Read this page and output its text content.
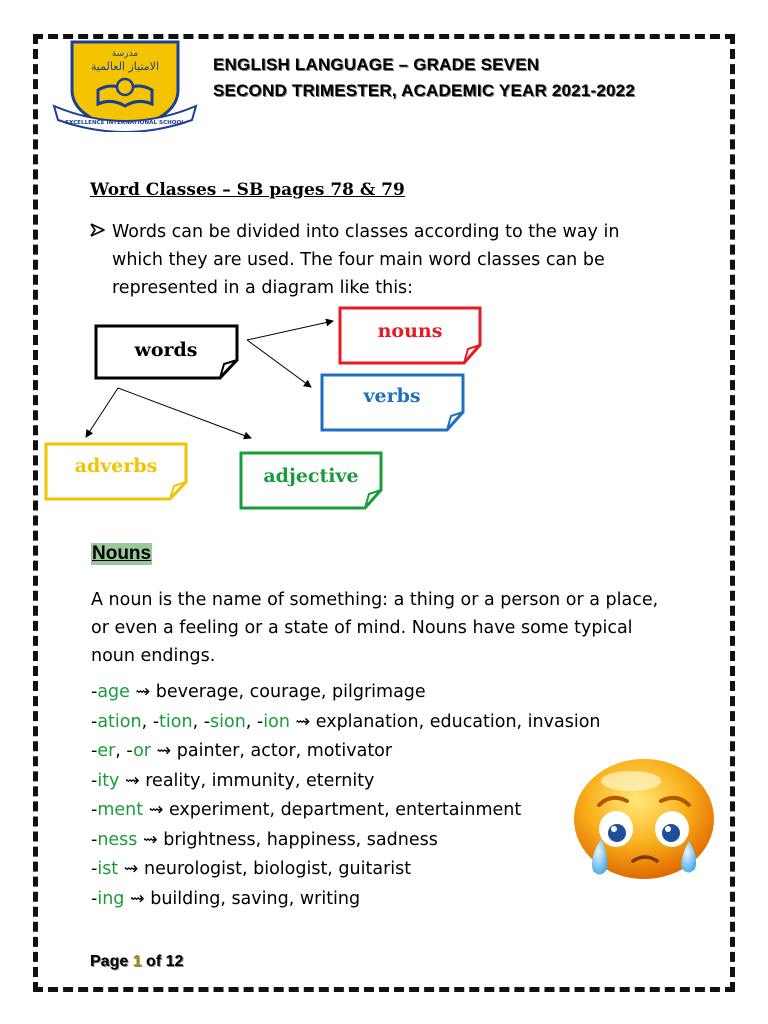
مدرسة
الامتياز العالمية
EXCELLENCE INTERNATIONAL SCHOOL
ENGLISH LANGUAGE – GRADE SEVEN
SECOND TRIMESTER, ACADEMIC YEAR 2021-2022
Word Classes – SB pages 78 & 79
Words can be divided into classes according to the way in which they are used. The four main word classes can be represented in a diagram like this:
words
nouns
verbs
adverbs	adjective
Nouns
A noun is the name of something: a thing or a person or a place, or even a feeling or a state of mind. Nouns have some typical noun endings.
-age ⇝ beverage, courage, pilgrimage
-ation, -tion, -sion, -ion ⇝ explanation, education, invasion
-er, -or ⇝ painter, actor, motivator
-ity ⇝ reality, immunity, eternity
-ment ⇝ experiment, department, entertainment
-ness ⇝ brightness, happiness, sadness
-ist ⇝ neurologist, biologist, guitarist
-ing ⇝ building, saving, writing
Page 1 of 12
